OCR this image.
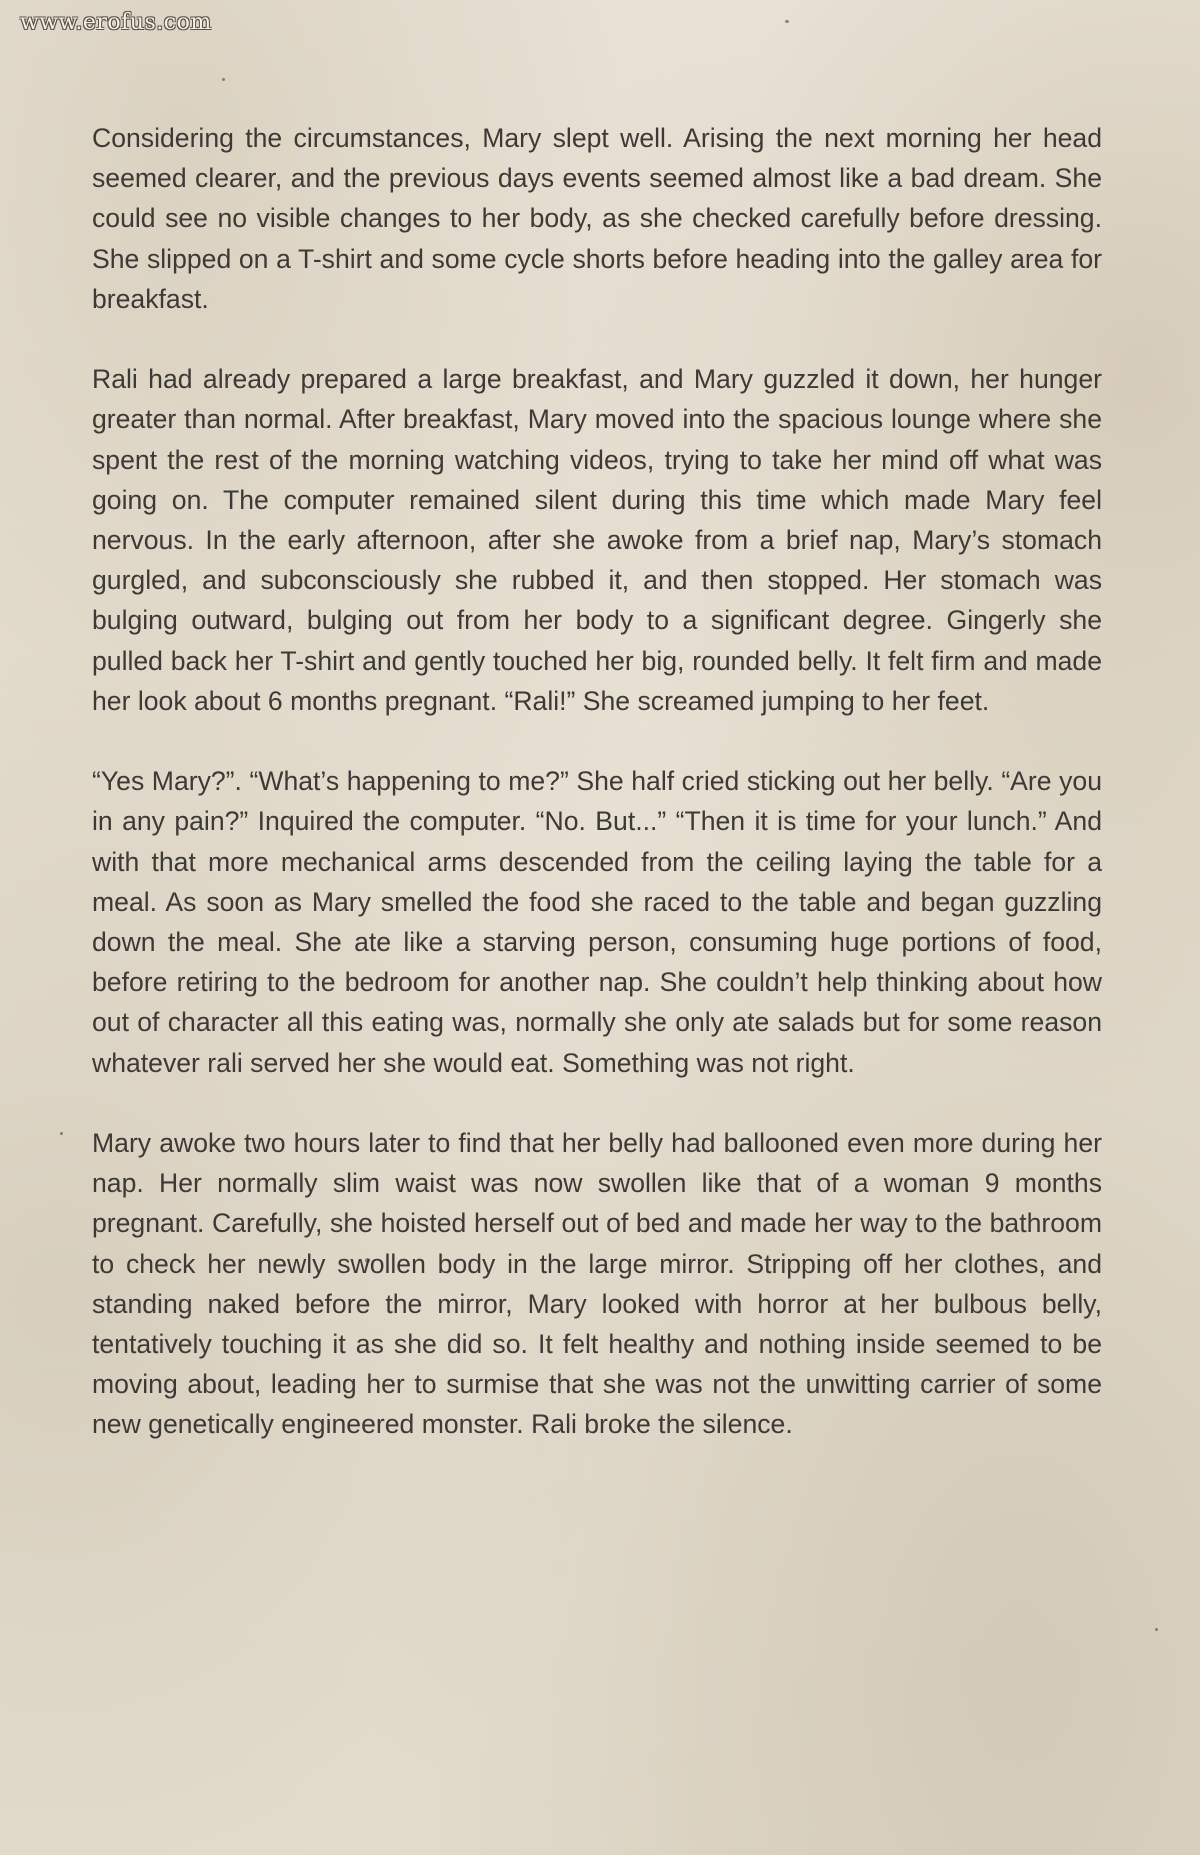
www.erofus.com

Considering the circumstances, Mary slept well. Arising the next morning her head seemed clearer, and the previous days events seemed almost like a bad dream. She could see no visible changes to her body, as she checked carefully before dressing. She slipped on a T-shirt and some cycle shorts before heading into the galley area for breakfast.

Rali had already prepared a large breakfast, and Mary guzzled it down, her hunger greater than normal. After breakfast, Mary moved into the spacious lounge where she spent the rest of the morning watching videos, trying to take her mind off what was going on. The computer remained silent during this time which made Mary feel nervous. In the early afternoon, after she awoke from a brief nap, Mary’s stomach gurgled, and subconsciously she rubbed it, and then stopped. Her stomach was bulging outward, bulging out from her body to a significant degree. Gingerly she pulled back her T-shirt and gently touched her big, rounded belly. It felt firm and made her look about 6 months pregnant. “Rali!” She screamed jumping to her feet.

“Yes Mary?”. “What’s happening to me?” She half cried sticking out her belly. “Are you in any pain?” Inquired the computer. “No. But...” “Then it is time for your lunch.” And with that more mechanical arms descended from the ceiling laying the table for a meal. As soon as Mary smelled the food she raced to the table and began guzzling down the meal. She ate like a starving person, consuming huge portions of food, before retiring to the bedroom for another nap. She couldn’t help thinking about how out of character all this eating was, normally she only ate salads but for some reason whatever rali served her she would eat. Something was not right.

Mary awoke two hours later to find that her belly had ballooned even more during her nap. Her normally slim waist was now swollen like that of a woman 9 months pregnant. Carefully, she hoisted herself out of bed and made her way to the bathroom to check her newly swollen body in the large mirror. Stripping off her clothes, and standing naked before the mirror, Mary looked with horror at her bulbous belly, tentatively touching it as she did so. It felt healthy and nothing inside seemed to be moving about, leading her to surmise that she was not the unwitting carrier of some new genetically engineered monster. Rali broke the silence.
